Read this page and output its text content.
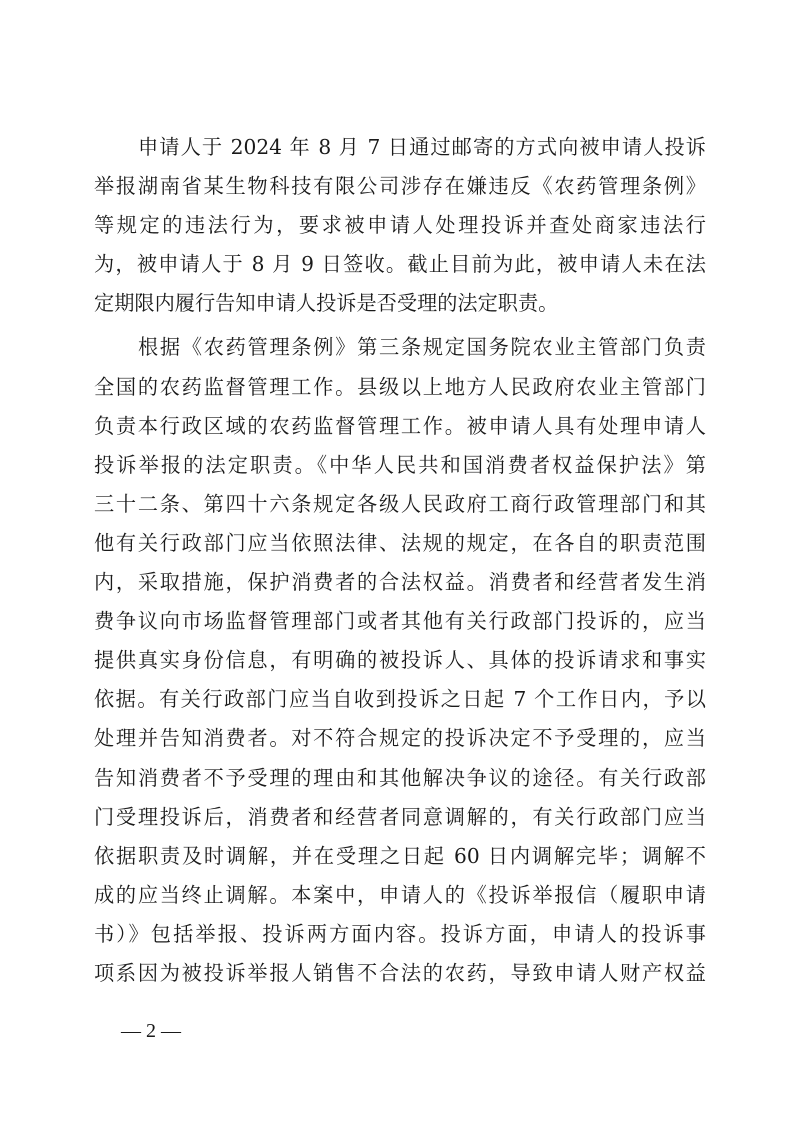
申请人于 2024 年 8 月 7 日通过邮寄的方式向被申请人投诉
举报湖南省某生物科技有限公司涉存在嫌违反《农药管理条例》
等规定的违法行为，要求被申请人处理投诉并查处商家违法行
为，被申请人于 8 月 9 日签收。截止目前为此，被申请人未在法
定期限内履行告知申请人投诉是否受理的法定职责。
根据《农药管理条例》第三条规定国务院农业主管部门负责
全国的农药监督管理工作。县级以上地方人民政府农业主管部门
负责本行政区域的农药监督管理工作。被申请人具有处理申请人
投诉举报的法定职责。《中华人民共和国消费者权益保护法》第
三十二条、第四十六条规定各级人民政府工商行政管理部门和其
他有关行政部门应当依照法律、法规的规定，在各自的职责范围
内，采取措施，保护消费者的合法权益。消费者和经营者发生消
费争议向市场监督管理部门或者其他有关行政部门投诉的，应当
提供真实身份信息，有明确的被投诉人、具体的投诉请求和事实
依据。有关行政部门应当自收到投诉之日起 7 个工作日内，予以
处理并告知消费者。对不符合规定的投诉决定不予受理的，应当
告知消费者不予受理的理由和其他解决争议的途径。有关行政部
门受理投诉后，消费者和经营者同意调解的，有关行政部门应当
依据职责及时调解，并在受理之日起 60 日内调解完毕；调解不
成的应当终止调解。本案中，申请人的《投诉举报信（履职申请
书）》包括举报、投诉两方面内容。投诉方面，申请人的投诉事
项系因为被投诉举报人销售不合法的农药，导致申请人财产权益
— 2 —
